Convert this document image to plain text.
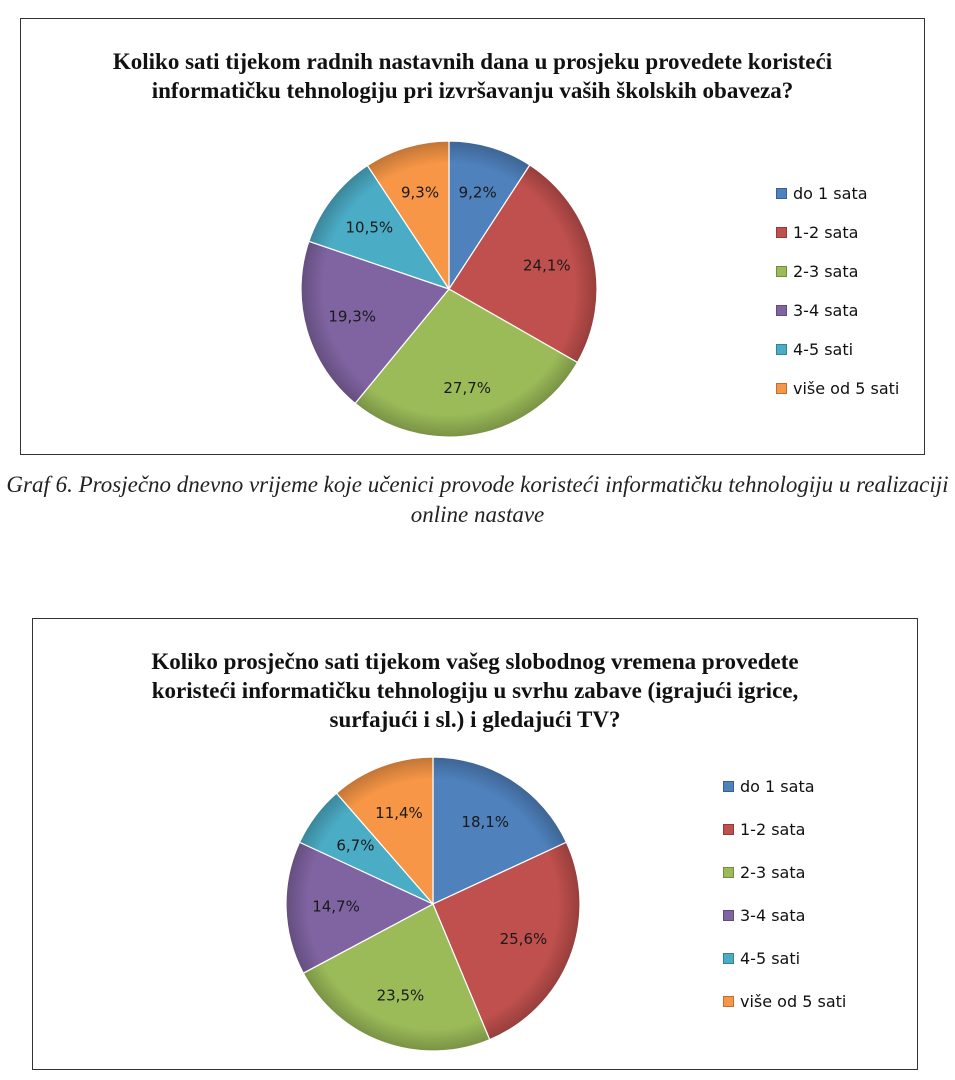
Koliko sati tijekom radnih nastavnih dana u prosjeku provedete koristeći informatičku tehnologiju pri izvršavanju vaših školskih obaveza?
9,2%
24,1%
27,7%
19,3%
10,5%
9,3%	do 1 sata
1-2 sata
2-3 sata
3-4 sata
4-5 sati
više od 5 sati
Graf 6. Prosječno dnevno vrijeme koje učenici provode koristeći informatičku tehnologiju u realizaciji online nastave
Koliko prosječno sati tijekom vašeg slobodnog vremena provedete koristeći informatičku tehnologiju u svrhu zabave (igrajući igrice, surfajući i sl.) i gledajući TV?
18,1%
25,6%
23,5%
14,7%
6,7%
11,4%
do 1 sata
1-2 sata
2-3 sata
3-4 sata
4-5 sati
više od 5 sati
